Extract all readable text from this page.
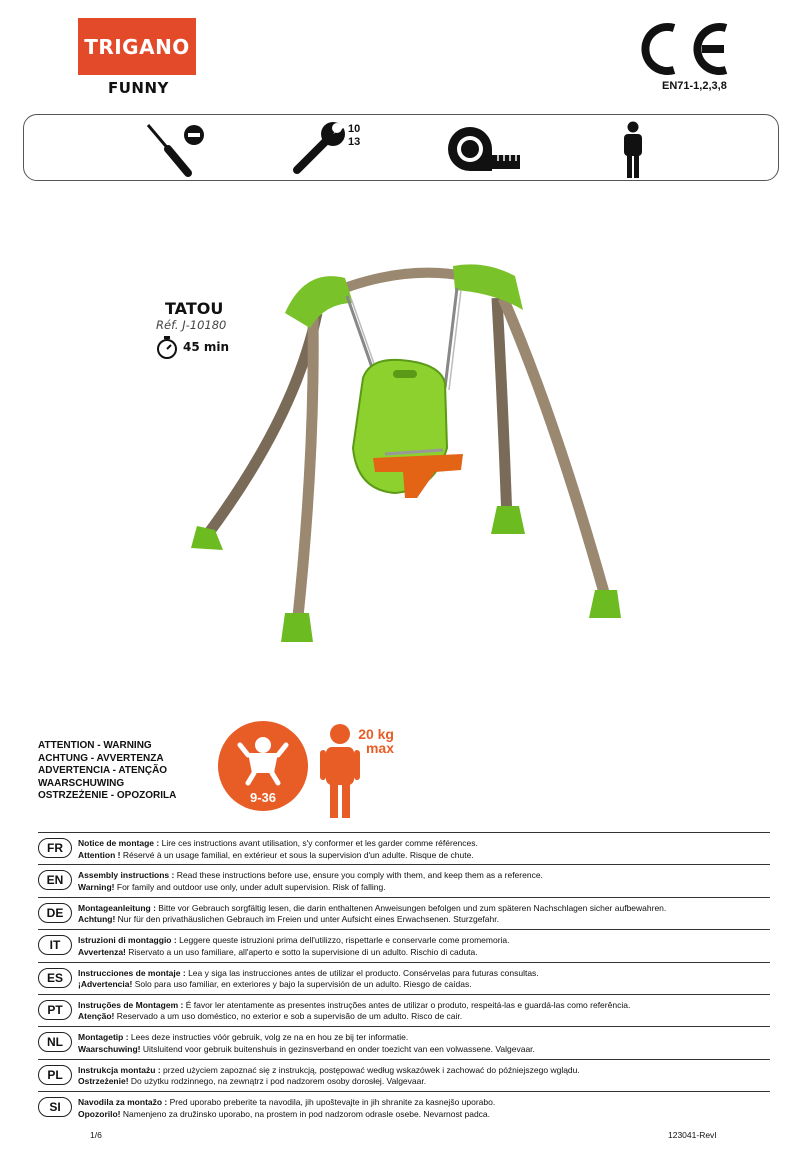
TRIGANO
FUNNY	EN71-1,2,3,8
10
13
TATOU
Réf. J-10180
45 min
ATTENTION - WARNING
ACHTUNG - AVVERTENZA
ADVERTENCIA - ATENÇÃO
WAARSCHUWING
OSTRZEŻENIE - OPOZORILA	9-36
20 kg
max
FR	Notice de montage : Lire ces instructions avant utilisation, s'y conformer et les garder comme références.
Attention ! Réservé à un usage familial, en extérieur et sous la supervision d'un adulte. Risque de chute.
EN	Assembly instructions : Read these instructions before use, ensure you comply with them, and keep them as a reference.
Warning! For family and outdoor use only, under adult supervision. Risk of falling.
DE	Montageanleitung : Bitte vor Gebrauch sorgfältig lesen, die darin enthaltenen Anweisungen befolgen und zum späteren Nachschlagen sicher aufbewahren.
Achtung! Nur für den privathäuslichen Gebrauch im Freien und unter Aufsicht eines Erwachsenen. Sturzgefahr.
IT	Istruzioni di montaggio : Leggere queste istruzioni prima dell'utilizzo, rispettarle e conservarle come promemoria.
Avvertenza! Riservato a un uso familiare, all'aperto e sotto la supervisione di un adulto. Rischio di caduta.
ES	Instrucciones de montaje : Lea y siga las instrucciones antes de utilizar el producto. Consérvelas para futuras consultas.
¡Advertencia! Solo para uso familiar, en exteriores y bajo la supervisión de un adulto. Riesgo de caídas.
PT	Instruções de Montagem : É favor ler atentamente as presentes instruções antes de utilizar o produto, respeitá-las e guardá-las como referência.
Atenção! Reservado a um uso doméstico, no exterior e sob a supervisão de um adulto. Risco de cair.
NL	Montagetip : Lees deze instructies vóór gebruik, volg ze na en hou ze bij ter informatie.
Waarschuwing! Uitsluitend voor gebruik buitenshuis in gezinsverband en onder toezicht van een volwassene. Valgevaar.
PL	Instrukcja montażu : przed użyciem zapoznać się z instrukcją, postępować według wskazówek i zachować do późniejszego wglądu.
Ostrzeżenie! Do użytku rodzinnego, na zewnątrz i pod nadzorem osoby dorosłej. Valgevaar.
SI	Navodila za montažo : Pred uporabo preberite ta navodila, jih upoštevajte in jih shranite za kasnejšo uporabo.
Opozorilo! Namenjeno za družinsko uporabo, na prostem in pod nadzorom odrasle osebe. Nevarnost padca.
1/6	123041-RevI
